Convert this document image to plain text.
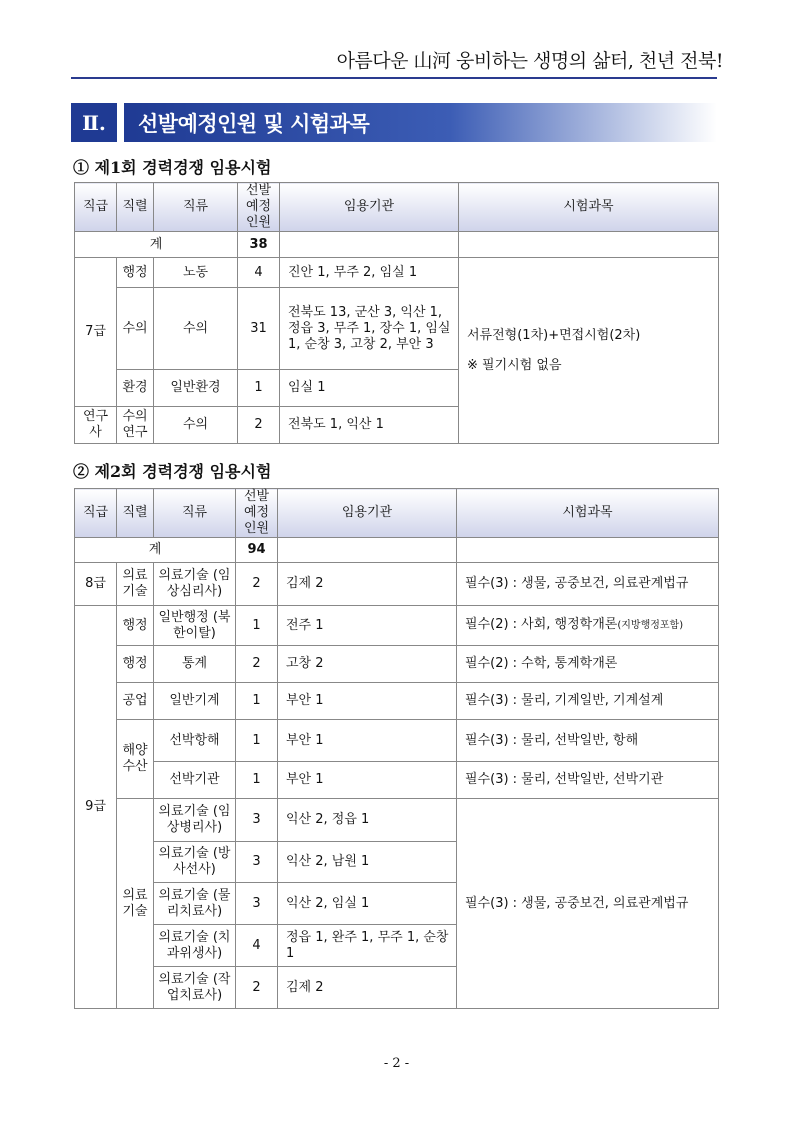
아름다운 山河 웅비하는 생명의 삶터, 천년 전북!
Ⅱ.	선발예정인원 및 시험과목
① 제1회 경력경쟁 임용시험
직급	직렬	직류	선발 예정 인원	임용기관	시험과목
계			38		
7급	행정	노동	4	진안 1, 무주 2, 임실 1	서류전형(1차)+면접시험(2차)
※ 필기시험 없음

	수의	수의	31	전북도 13, 군산 3, 익산 1, 정읍 3, 무주 1, 장수 1, 임실 1, 순창 3, 고창 2, 부안 3	
	환경	일반환경	1	임실 1	
연구사	수의 연구	수의	2	전북도 1, 익산 1	
② 제2회 경력경쟁 임용시험
직급	직렬	직류	선발 예정 인원	임용기관	시험과목
계			94		
8급	의료 기술	의료기술 (임상심리사)	2	김제 2	필수(3) : 생물, 공중보건, 의료관계법규
9급	행정	일반행정 (북한이탈)	1	전주 1	필수(2) : 사회, 행정학개론(지방행정포함)
	행정	통계	2	고창 2	필수(2) : 수학, 통계학개론
	공업	일반기계	1	부안 1	필수(3) : 물리, 기계일반, 기계설계
	해양 수산	선박항해	1	부안 1	필수(3) : 물리, 선박일반, 항해
		선박기관	1	부안 1	필수(3) : 물리, 선박일반, 선박기관
	의료 기술	의료기술 (임상병리사)	3	익산 2, 정읍 1	필수(3) : 생물, 공중보건, 의료관계법규
		의료기술 (방사선사)	3	익산 2, 남원 1	
		의료기술 (물리치료사)	3	익산 2, 임실 1	
		의료기술 (치과위생사)	4	정읍 1, 완주 1, 무주 1, 순창 1	
		의료기술 (작업치료사)	2	김제 2	
- 2 -
